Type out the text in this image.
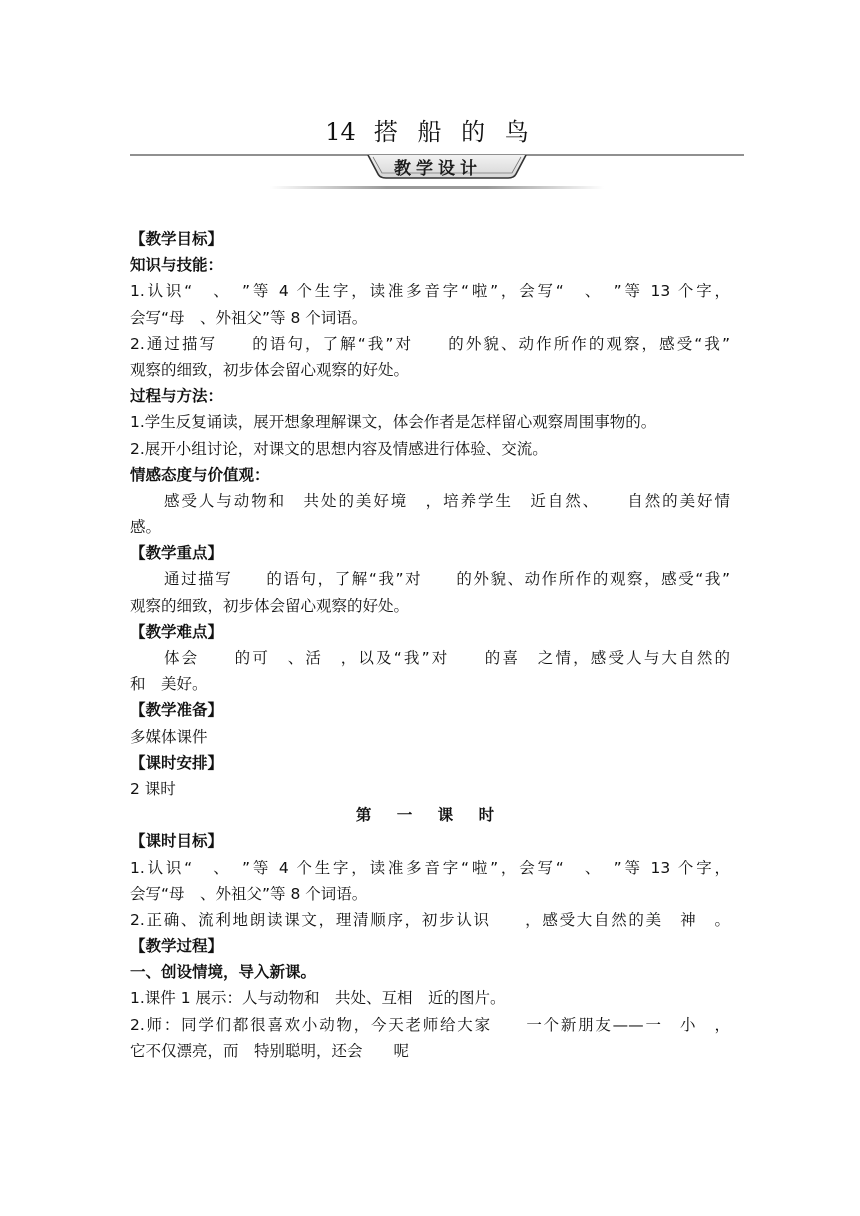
14 搭 船 的 鸟
教学设计
【教学目标】
知识与技能：
1.认识“　、　”等 4 个生字，读准多音字“啦”，会写“　、　”等 13 个字，
会写“母　、外祖父”等 8 个词语。
2.通过描写　　的语句，了解“我”对　　的外貌、动作所作的观察，感受“我”
观察的细致，初步体会留心观察的好处。
过程与方法：
1.学生反复诵读，展开想象理解课文，体会作者是怎样留心观察周围事物的。
2.展开小组讨论，对课文的思想内容及情感进行体验、交流。
情感态度与价值观：
感受人与动物和　共处的美好境　，培养学生　近自然、　　自然的美好情
感。
【教学重点】
通过描写　　的语句，了解“我”对　　的外貌、动作所作的观察，感受“我”
观察的细致，初步体会留心观察的好处。
【教学难点】
体会　　的可　、活　，以及“我”对　　的喜　之情，感受人与大自然的
和　美好。
【教学准备】
多媒体课件
【课时安排】
2 课时
第 一 课 时
【课时目标】
1.认识“　、　”等 4 个生字，读准多音字“啦”，会写“　、　”等 13 个字，
会写“母　、外祖父”等 8 个词语。
2.正确、流利地朗读课文，理清顺序，初步认识　　，感受大自然的美　神　。
【教学过程】
一、创设情境，导入新课。
1.课件 1 展示：人与动物和　共处、互相　近的图片。
2.师：同学们都很喜欢小动物，今天老师给大家　　一个新朋友——一　小　，
它不仅漂亮，而　特别聪明，还会　　呢
